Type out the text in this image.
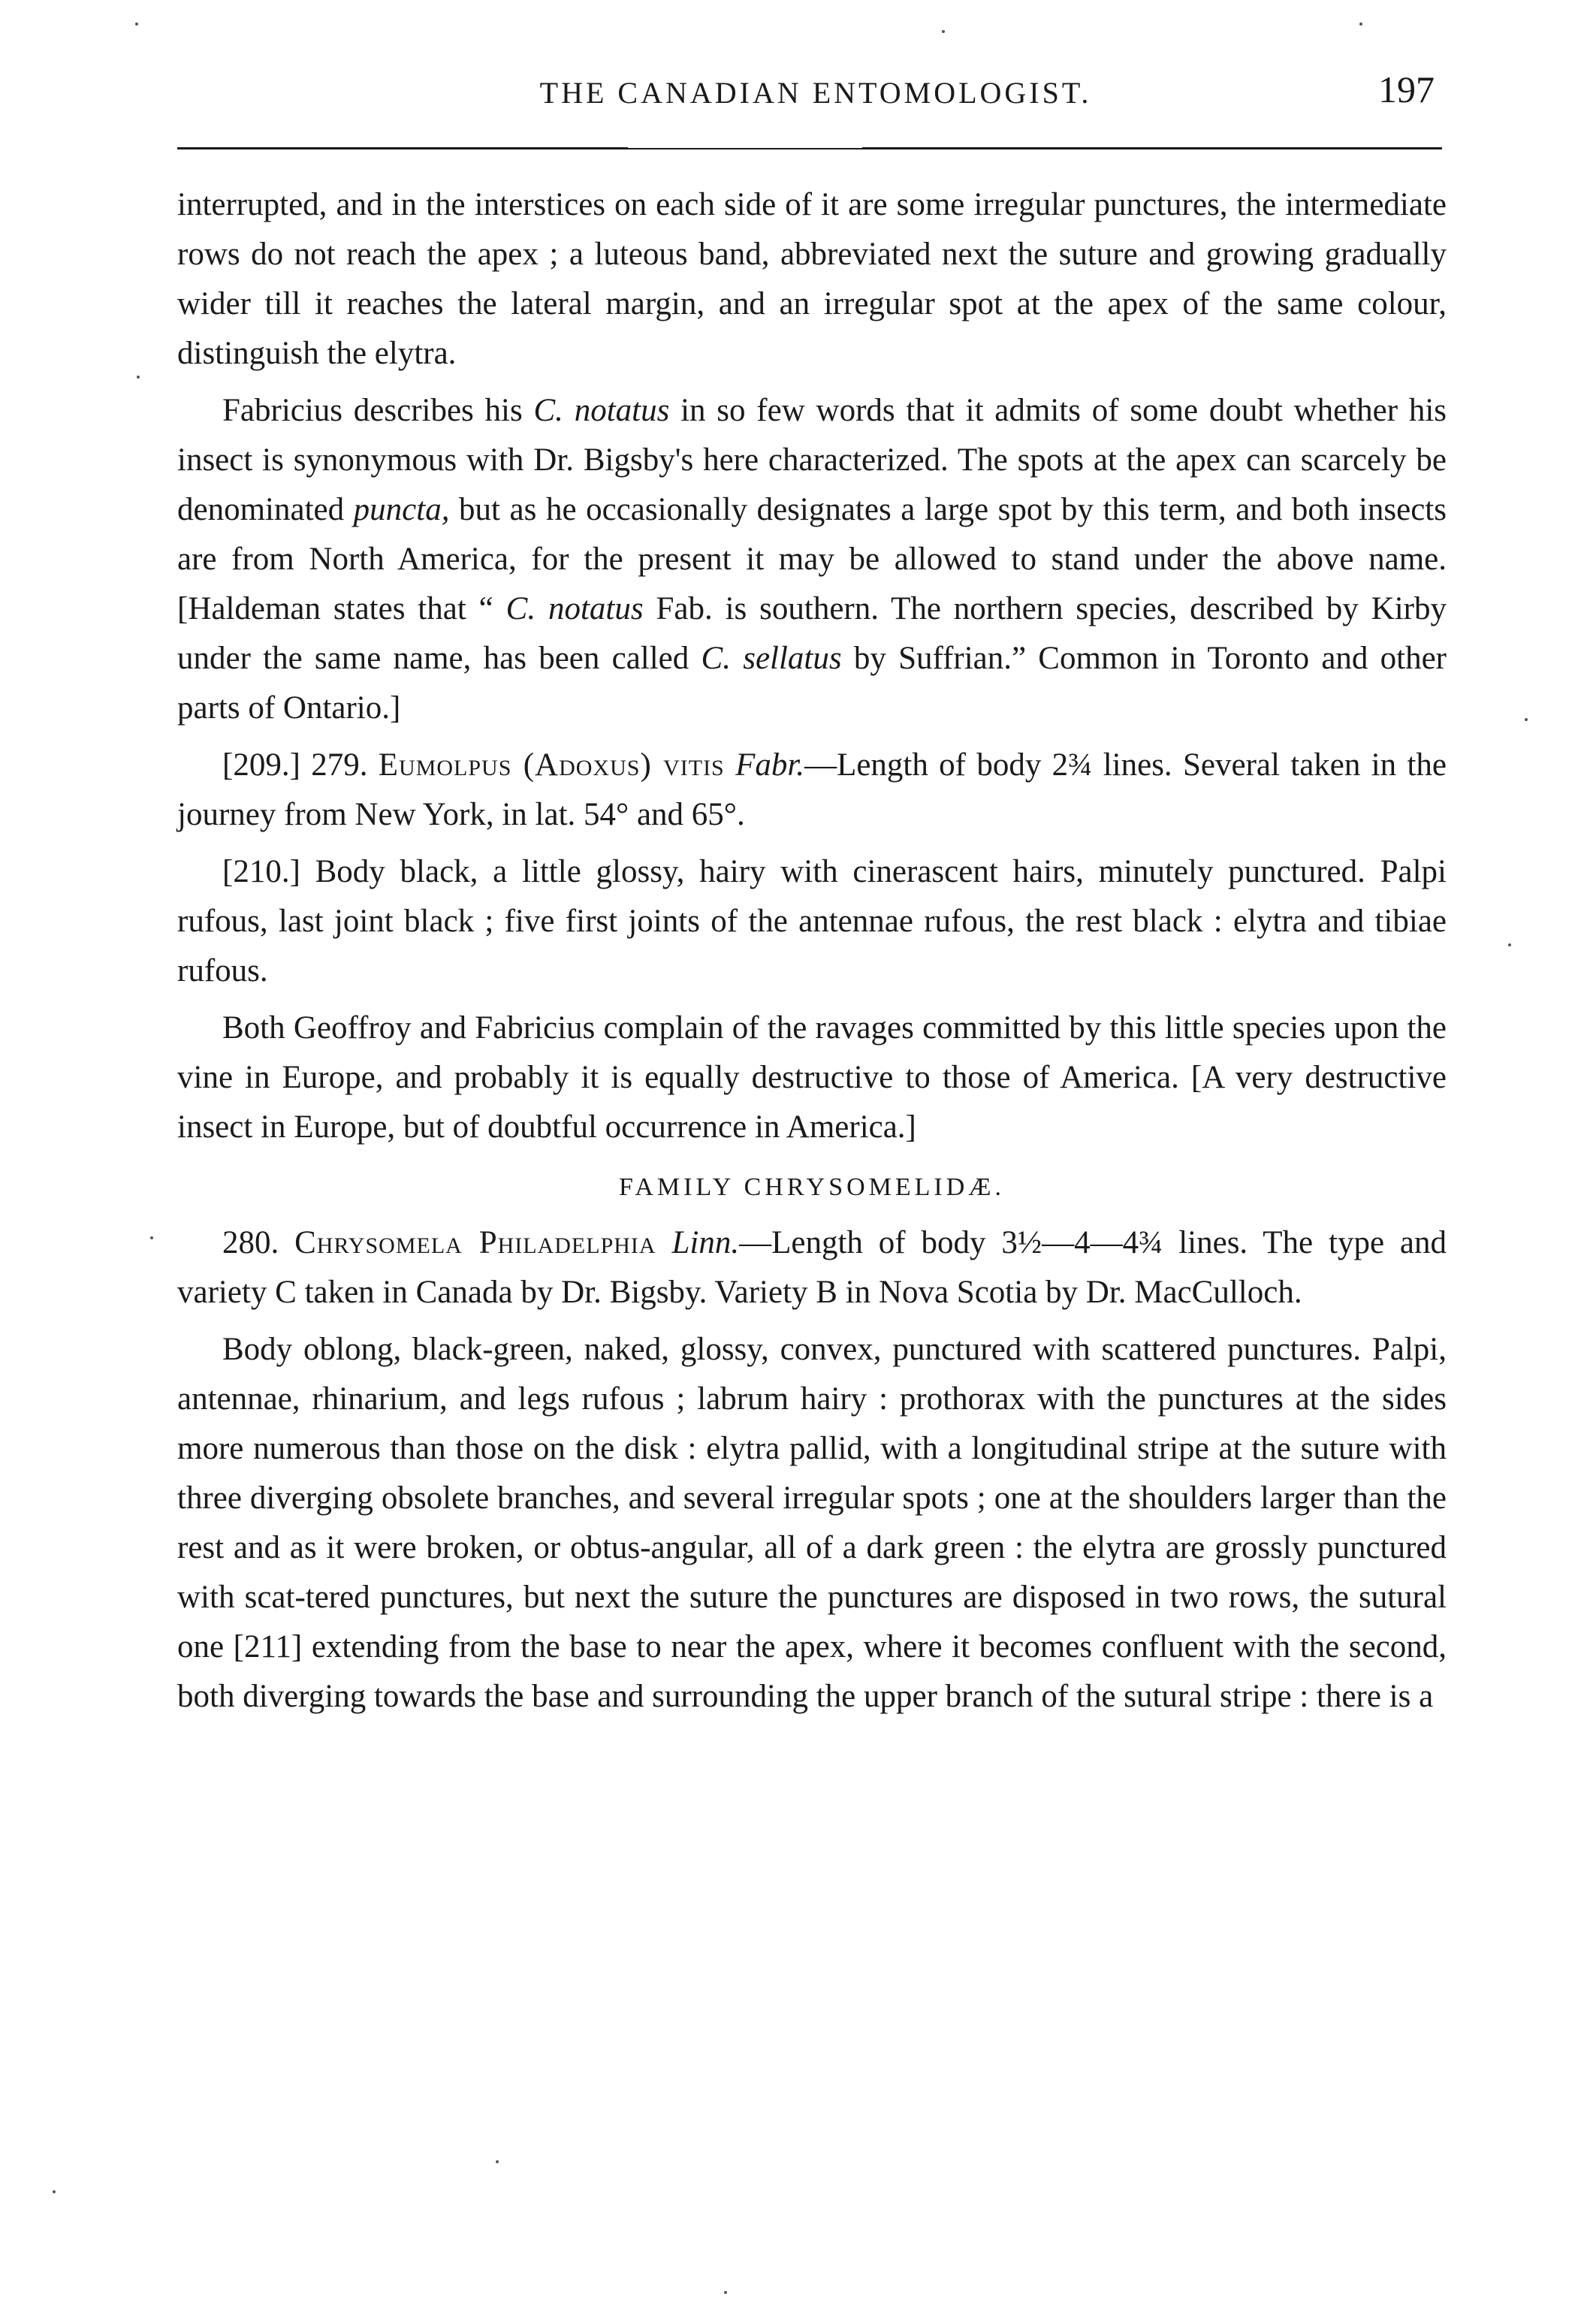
THE CANADIAN ENTOMOLOGIST.	197

interrupted, and in the interstices on each side of it are some irregular punctures, the intermediate rows do not reach the apex ; a luteous band, abbreviated next the suture and growing gradually wider till it reaches the lateral margin, and an irregular spot at the apex of the same colour, distinguish the elytra.

Fabricius describes his C. notatus in so few words that it admits of some doubt whether his insect is synonymous with Dr. Bigsby's here characterized. The spots at the apex can scarcely be denominated puncta, but as he occasionally designates a large spot by this term, and both insects are from North America, for the present it may be allowed to stand under the above name. [Haldeman states that “ C. notatus Fab. is southern. The northern species, described by Kirby under the same name, has been called C. sellatus by Suffrian.” Common in Toronto and other parts of Ontario.]

[209.] 279. Eumolpus (Adoxus) vitis Fabr.—Length of body 2¾ lines. Several taken in the journey from New York, in lat. 54° and 65°.

[210.] Body black, a little glossy, hairy with cinerascent hairs, minutely punctured. Palpi rufous, last joint black ; five first joints of the antennae rufous, the rest black : elytra and tibiae rufous.

Both Geoffroy and Fabricius complain of the ravages committed by this little species upon the vine in Europe, and probably it is equally destructive to those of America. [A very destructive insect in Europe, but of doubtful occurrence in America.]

FAMILY CHRYSOMELIDÆ.

280. Chrysomela Philadelphia Linn.—Length of body 3½—4—4¾ lines. The type and variety C taken in Canada by Dr. Bigsby. Variety B in Nova Scotia by Dr. MacCulloch.

Body oblong, black-green, naked, glossy, convex, punctured with scattered punctures. Palpi, antennae, rhinarium, and legs rufous ; labrum hairy : prothorax with the punctures at the sides more numerous than those on the disk : elytra pallid, with a longitudinal stripe at the suture with three diverging obsolete branches, and several irregular spots ; one at the shoulders larger than the rest and as it were broken, or obtus-angular, all of a dark green : the elytra are grossly punctured with scat-tered punctures, but next the suture the punctures are disposed in two rows, the sutural one [211] extending from the base to near the apex, where it becomes confluent with the second, both diverging towards the base and surrounding the upper branch of the sutural stripe : there is a
